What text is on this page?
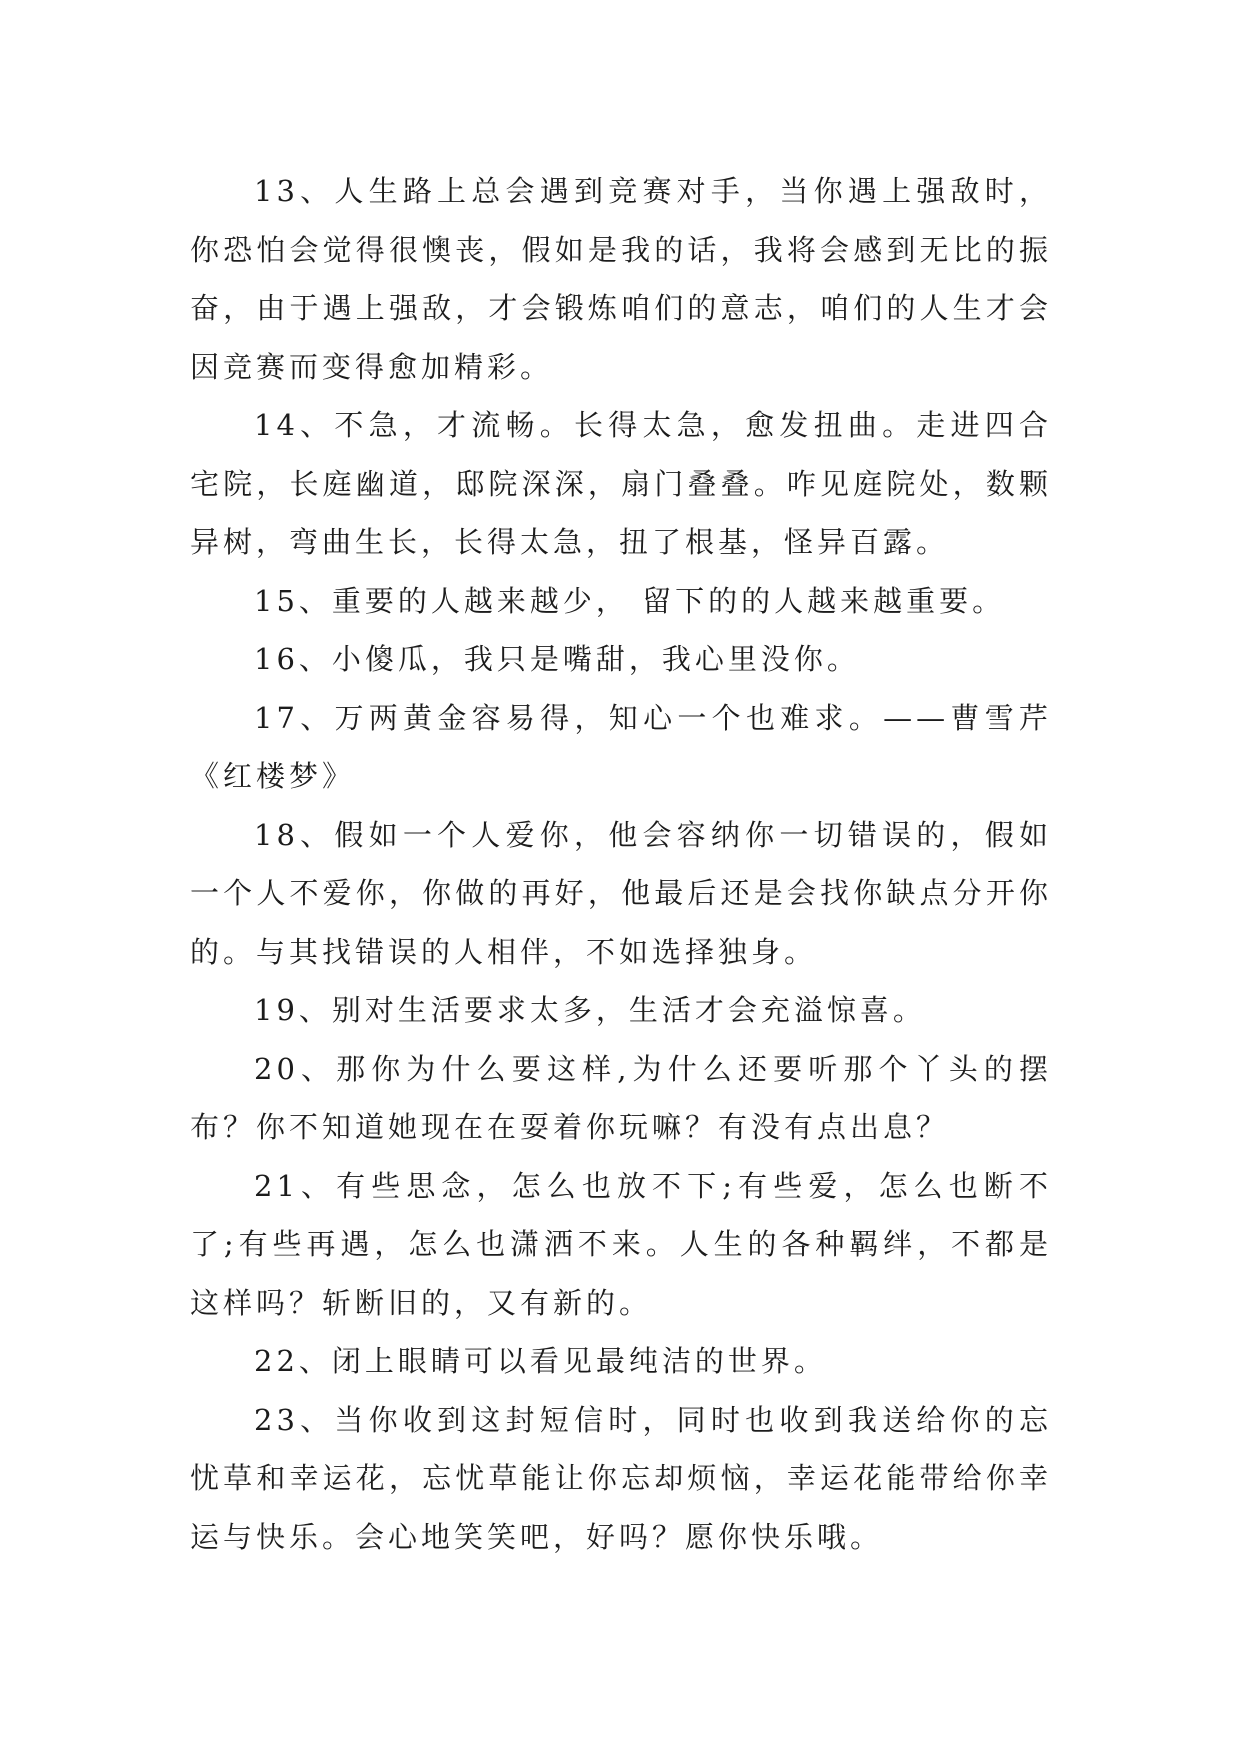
13、人生路上总会遇到竞赛对手，当你遇上强敌时，你恐怕会觉得很懊丧，假如是我的话，我将会感到无比的振奋，由于遇上强敌，才会锻炼咱们的意志，咱们的人生才会因竞赛而变得愈加精彩。

14、不急，才流畅。长得太急，愈发扭曲。走进四合宅院，长庭幽道，邸院深深，扇门叠叠。咋见庭院处，数颗异树，弯曲生长，长得太急，扭了根基，怪异百露。

15、重要的人越来越少， 留下的的人越来越重要。

16、小傻瓜，我只是嘴甜，我心里没你。

17、万两黄金容易得，知心一个也难求。——曹雪芹《红楼梦》

18、假如一个人爱你，他会容纳你一切错误的，假如一个人不爱你，你做的再好，他最后还是会找你缺点分开你的。与其找错误的人相伴，不如选择独身。

19、别对生活要求太多，生活才会充溢惊喜。

20、那你为什么要这样,为什么还要听那个丫头的摆布？你不知道她现在在耍着你玩嘛？有没有点出息？

21、有些思念，怎么也放不下;有些爱，怎么也断不了;有些再遇，怎么也潇洒不来。人生的各种羁绊，不都是这样吗？斩断旧的，又有新的。

22、闭上眼睛可以看见最纯洁的世界。

23、当你收到这封短信时，同时也收到我送给你的忘忧草和幸运花，忘忧草能让你忘却烦恼，幸运花能带给你幸运与快乐。会心地笑笑吧，好吗？愿你快乐哦。
